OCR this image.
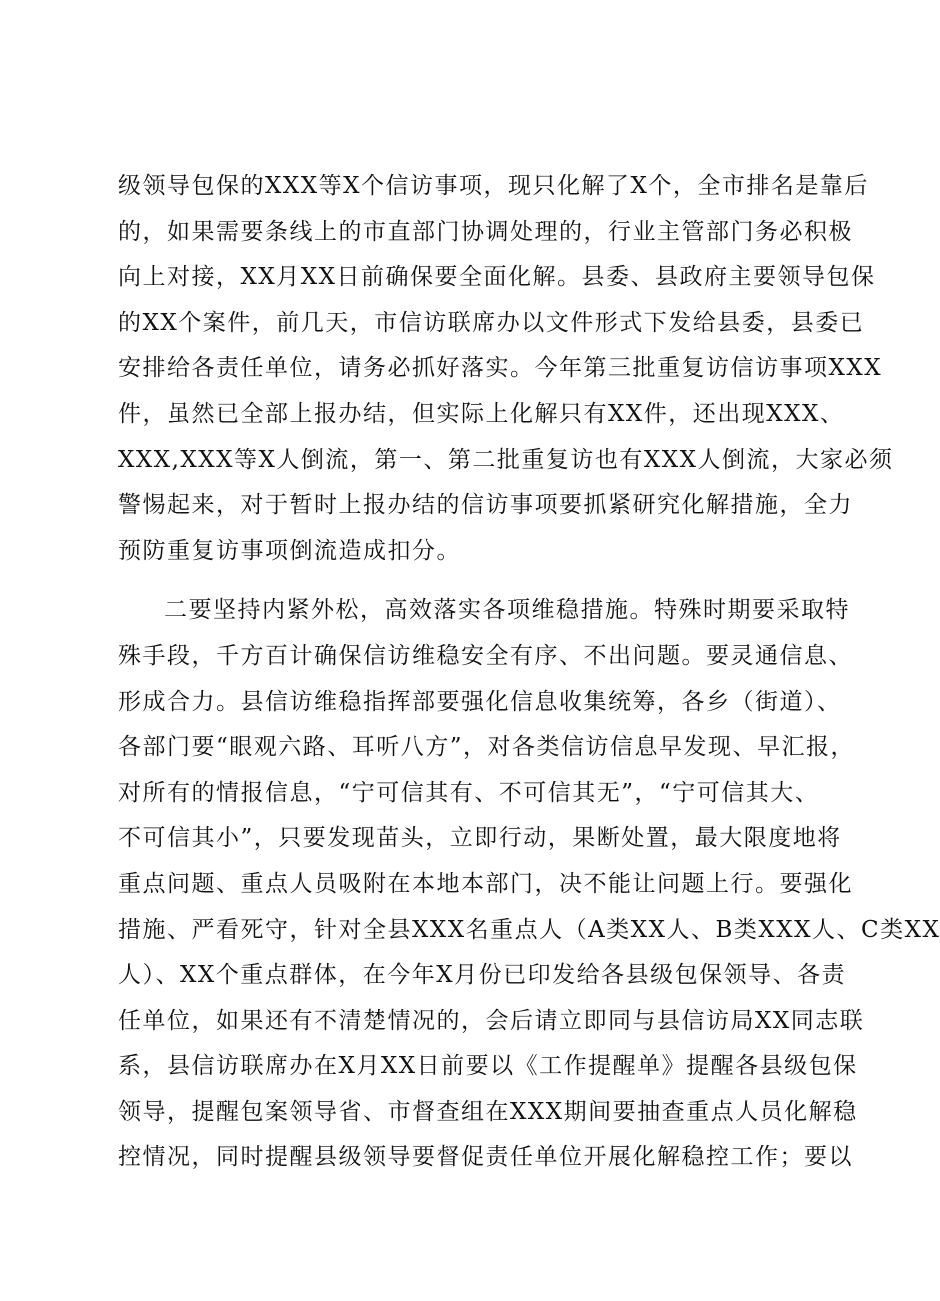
级领导包保的XXX等X个信访事项，现只化解了X个，全市排名是靠后
的，如果需要条线上的市直部门协调处理的，行业主管部门务必积极
向上对接，XX月XX日前确保要全面化解。县委、县政府主要领导包保
的XX个案件，前几天，市信访联席办以文件形式下发给县委，县委已
安排给各责任单位，请务必抓好落实。今年第三批重复访信访事项XXX
件，虽然已全部上报办结，但实际上化解只有XX件，还出现XXX、
XXX,XXX等X人倒流，第一、第二批重复访也有XXX人倒流，大家必须
警惕起来，对于暂时上报办结的信访事项要抓紧研究化解措施，全力
预防重复访事项倒流造成扣分。
二要坚持内紧外松，高效落实各项维稳措施。特殊时期要采取特
殊手段，千方百计确保信访维稳安全有序、不出问题。要灵通信息、
形成合力。县信访维稳指挥部要强化信息收集统筹，各乡（街道）、
各部门要“眼观六路、耳听八方”，对各类信访信息早发现、早汇报，
对所有的情报信息，“宁可信其有、不可信其无”，“宁可信其大、
不可信其小”，只要发现苗头，立即行动，果断处置，最大限度地将
重点问题、重点人员吸附在本地本部门，决不能让问题上行。要强化
措施、严看死守，针对全县XXX名重点人（A类XX人、B类XXX人、C类XX
人）、XX个重点群体，在今年X月份已印发给各县级包保领导、各责
任单位，如果还有不清楚情况的，会后请立即同与县信访局XX同志联
系，县信访联席办在X月XX日前要以《工作提醒单》提醒各县级包保
领导，提醒包案领导省、市督查组在XXX期间要抽查重点人员化解稳
控情况，同时提醒县级领导要督促责任单位开展化解稳控工作；要以
